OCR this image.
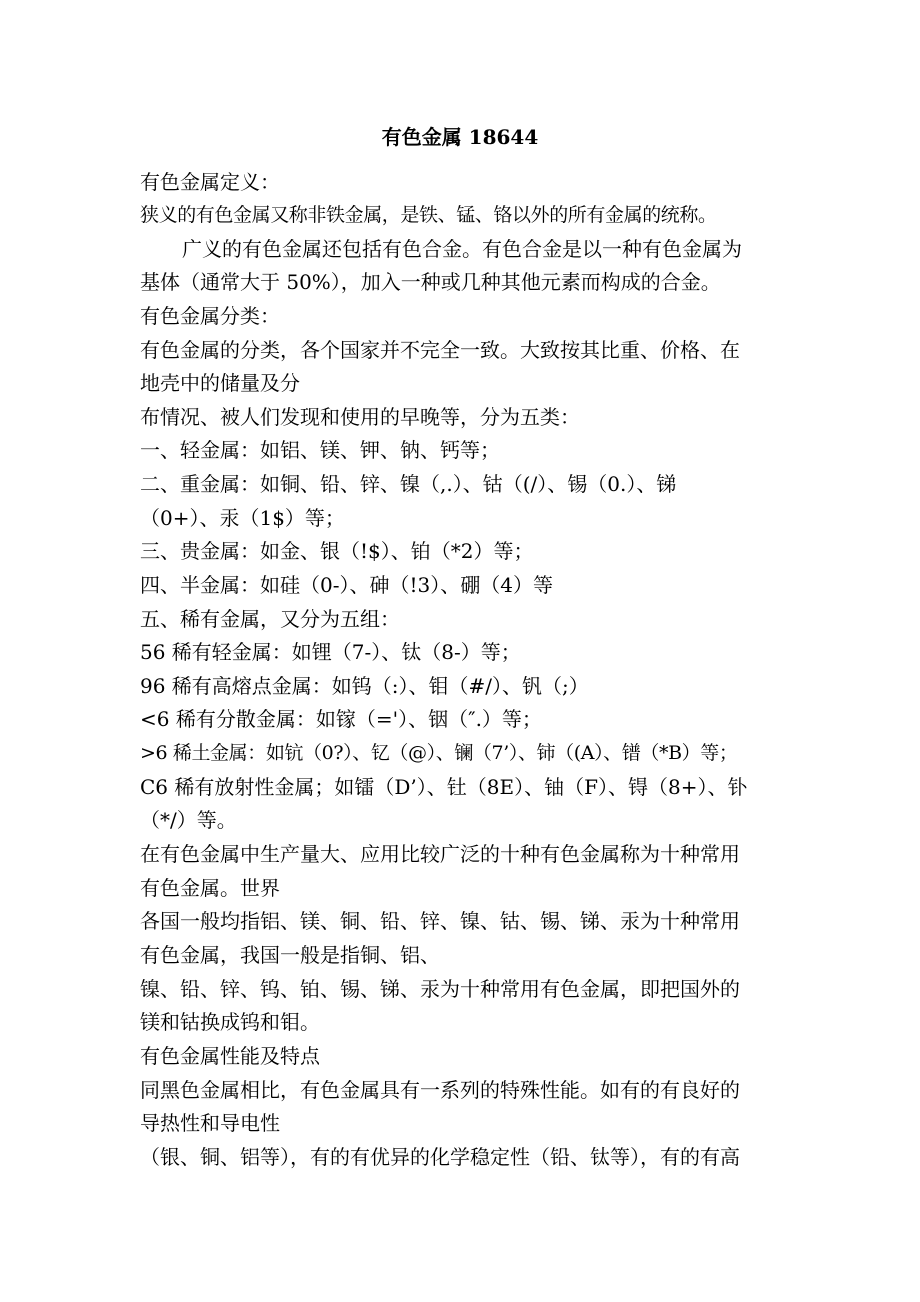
有色金属 18644
有色金属定义：
狭义的有色金属又称非铁金属，是铁、锰、铬以外的所有金属的统称。
广义的有色金属还包括有色合金。有色合金是以一种有色金属为
基体（通常大于 50%），加入一种或几种其他元素而构成的合金。
有色金属分类：
有色金属的分类，各个国家并不完全一致。大致按其比重、价格、在
地壳中的储量及分
布情况、被人们发现和使用的早晚等，分为五类：
一、轻金属：如铝、镁、钾、钠、钙等；
二、重金属：如铜、铅、锌、镍（,.）、钴（(/）、锡（0.）、锑
（0+）、汞（1$）等；
三、贵金属：如金、银（!$）、铂（*2）等；
四、半金属：如硅（0-）、砷（!3）、硼（4）等
五、稀有金属，又分为五组：
56 稀有轻金属：如锂（7-）、钛（8-）等；
96 稀有高熔点金属：如钨（:）、钼（#/）、钒（;）
<6 稀有分散金属：如镓（='）、铟（″.）等；
>6 稀土金属：如钪（0?）、钇（@）、镧（7’）、铈（(A）、镨（*B）等；
C6 稀有放射性金属；如镭（D’）、钍（8E）、铀（F）、锝（8+）、钋
（*/）等。
在有色金属中生产量大、应用比较广泛的十种有色金属称为十种常用
有色金属。世界
各国一般均指铝、镁、铜、铅、锌、镍、钴、锡、锑、汞为十种常用
有色金属，我国一般是指铜、铝、
镍、铅、锌、钨、铂、锡、锑、汞为十种常用有色金属，即把国外的
镁和钴换成钨和钼。
有色金属性能及特点
同黑色金属相比，有色金属具有一系列的特殊性能。如有的有良好的
导热性和导电性
（银、铜、铝等），有的有优异的化学稳定性（铅、钛等），有的有高
